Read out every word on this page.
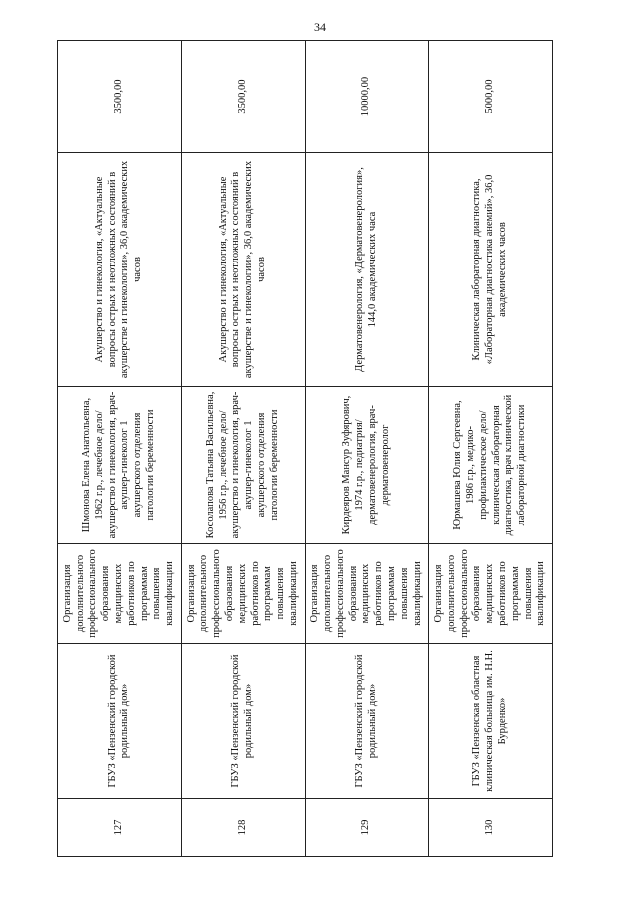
34
127	ГБУЗ «Пензенский городской родильный дом»	Организация дополнительного профессионального образования медицинских работников по программам повышения квалификации	Шмонова Елена Анатольевна, 1962 г.р., лечебное дело/ акушерство и гинекология, врач-акушер-гинеколог 1 акушерского отделения патологии беременности	Акушерство и гинекология, «Актуальные вопросы острых и неотложных состояний в акушерстве и гинекологии», 36,0 академических часов	3500,00
128	ГБУЗ «Пензенский городской родильный дом»	Организация дополнительного профессионального образования медицинских работников по программам повышения квалификации	Косолапова Татьяна Васильевна, 1956 г.р., лечебное дело/ акушерство и гинекология, врач-акушер-гинеколог 1 акушерского отделения патологии беременности	Акушерство и гинекология, «Актуальные вопросы острых и неотложных состояний в акушерстве и гинекологии», 36,0 академических часов	3500,00
129	ГБУЗ «Пензенский городской родильный дом»	Организация дополнительного профессионального образования медицинских работников по программам повышения квалификации	Кирдеяров Мансур Зуфярович, 1974 г.р., педиатрия/ дерматовенерология, врач-дерматовенеролог	Дерматовенерология, «Дерматовенерология», 144,0 академических часа	10000,00
130	ГБУЗ «Пензенская областная клиническая больница им. Н.Н. Бурденко»	Организация дополнительного профессионального образования медицинских работников по программам повышения квалификации	Юрмашева Юлия Сергеевна, 1986 г.р., медико-профилактическое дело/ клиническая лабораторная диагностика, врач клинической лабораторной диагностики	Клиническая лабораторная диагностика, «Лабораторная диагностика анемий», 36,0 академических часов	5000,00
